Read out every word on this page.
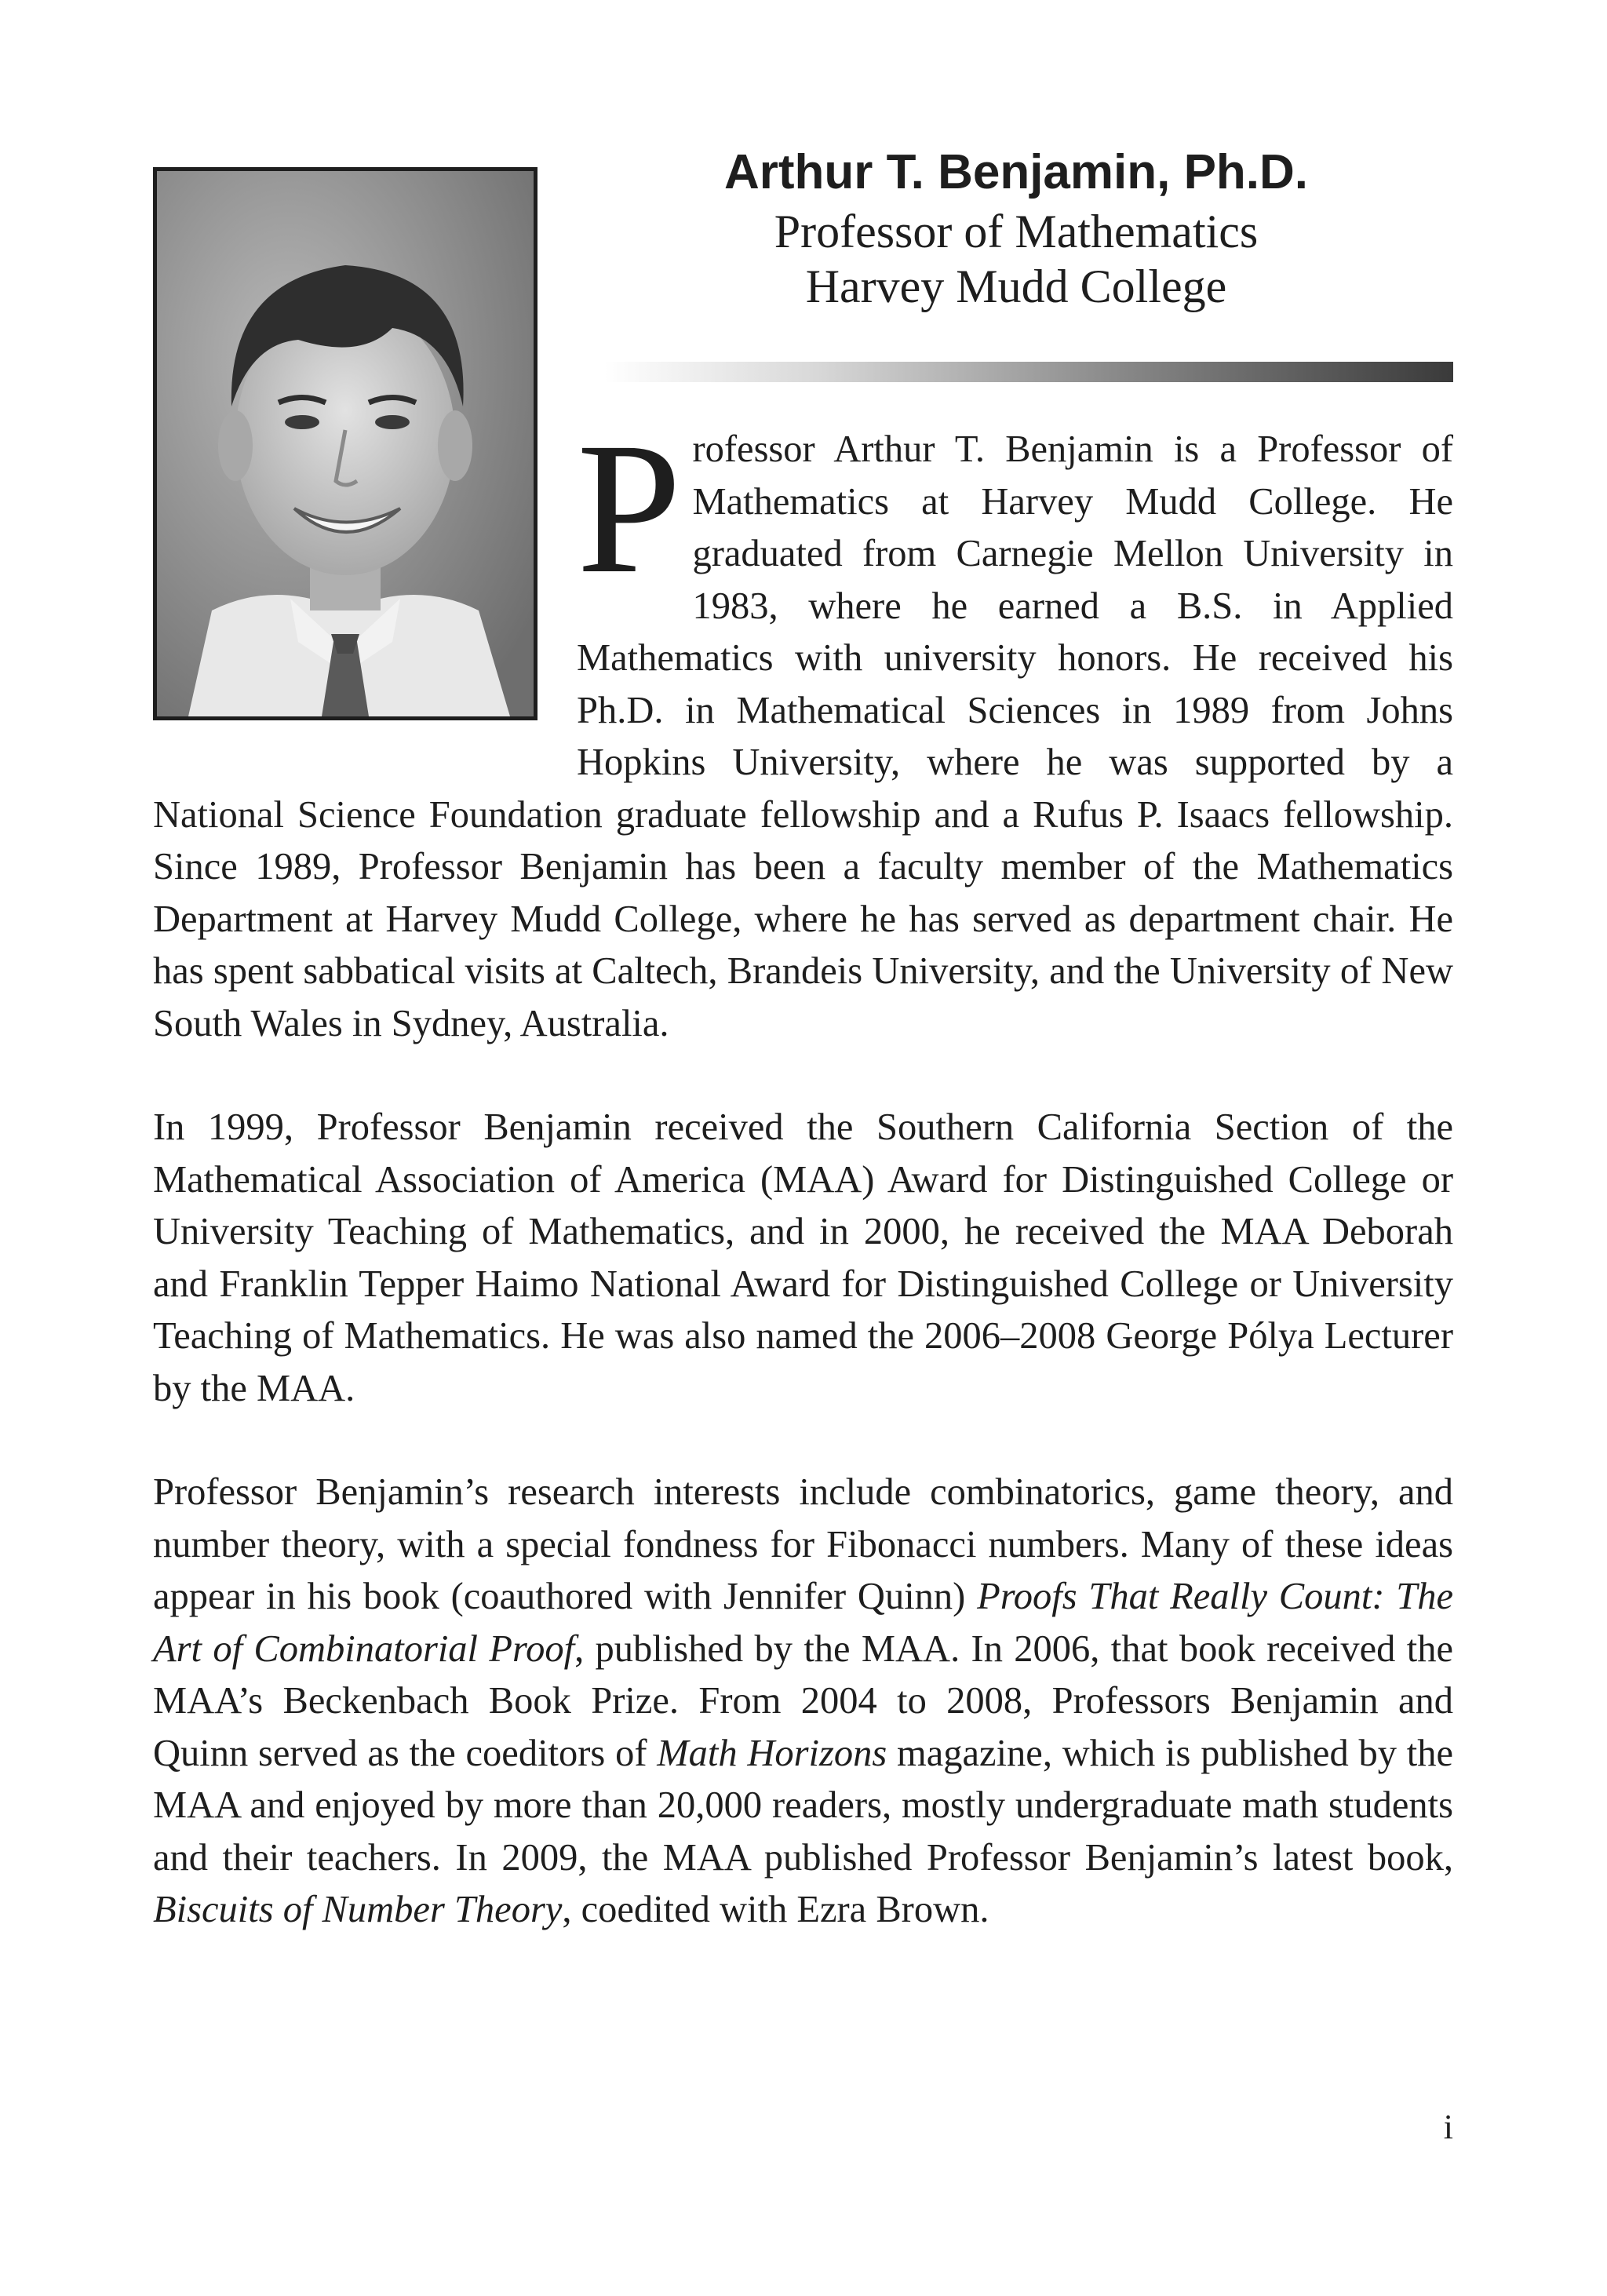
Arthur T. Benjamin, Ph.D.
Professor of Mathematics
Harvey Mudd College

Professor Arthur T. Benjamin is a Professor of Mathematics at Harvey Mudd College. He graduated from Carnegie Mellon University in 1983, where he earned a B.S. in Applied Mathematics with university honors. He received his Ph.D. in Mathematical Sciences in 1989 from Johns Hopkins University, where he was supported by a National Science Foundation graduate fellowship and a Rufus P. Isaacs fellowship. Since 1989, Professor Benjamin has been a faculty member of the Mathematics Department at Harvey Mudd College, where he has served as department chair. He has spent sabbatical visits at Caltech, Brandeis University, and the University of New South Wales in Sydney, Australia.

In 1999, Professor Benjamin received the Southern California Section of the Mathematical Association of America (MAA) Award for Distinguished College or University Teaching of Mathematics, and in 2000, he received the MAA Deborah and Franklin Tepper Haimo National Award for Distinguished College or University Teaching of Mathematics. He was also named the 2006–2008 George Pólya Lecturer by the MAA.

Professor Benjamin’s research interests include combinatorics, game theory, and number theory, with a special fondness for Fibonacci numbers. Many of these ideas appear in his book (coauthored with Jennifer Quinn) Proofs That Really Count: The Art of Combinatorial Proof, published by the MAA. In 2006, that book received the MAA’s Beckenbach Book Prize. From 2004 to 2008, Professors Benjamin and Quinn served as the coeditors of Math Horizons magazine, which is published by the MAA and enjoyed by more than 20,000 readers, mostly undergraduate math students and their teachers. In 2009, the MAA published Professor Benjamin’s latest book, Biscuits of Number Theory, coedited with Ezra Brown.

i
